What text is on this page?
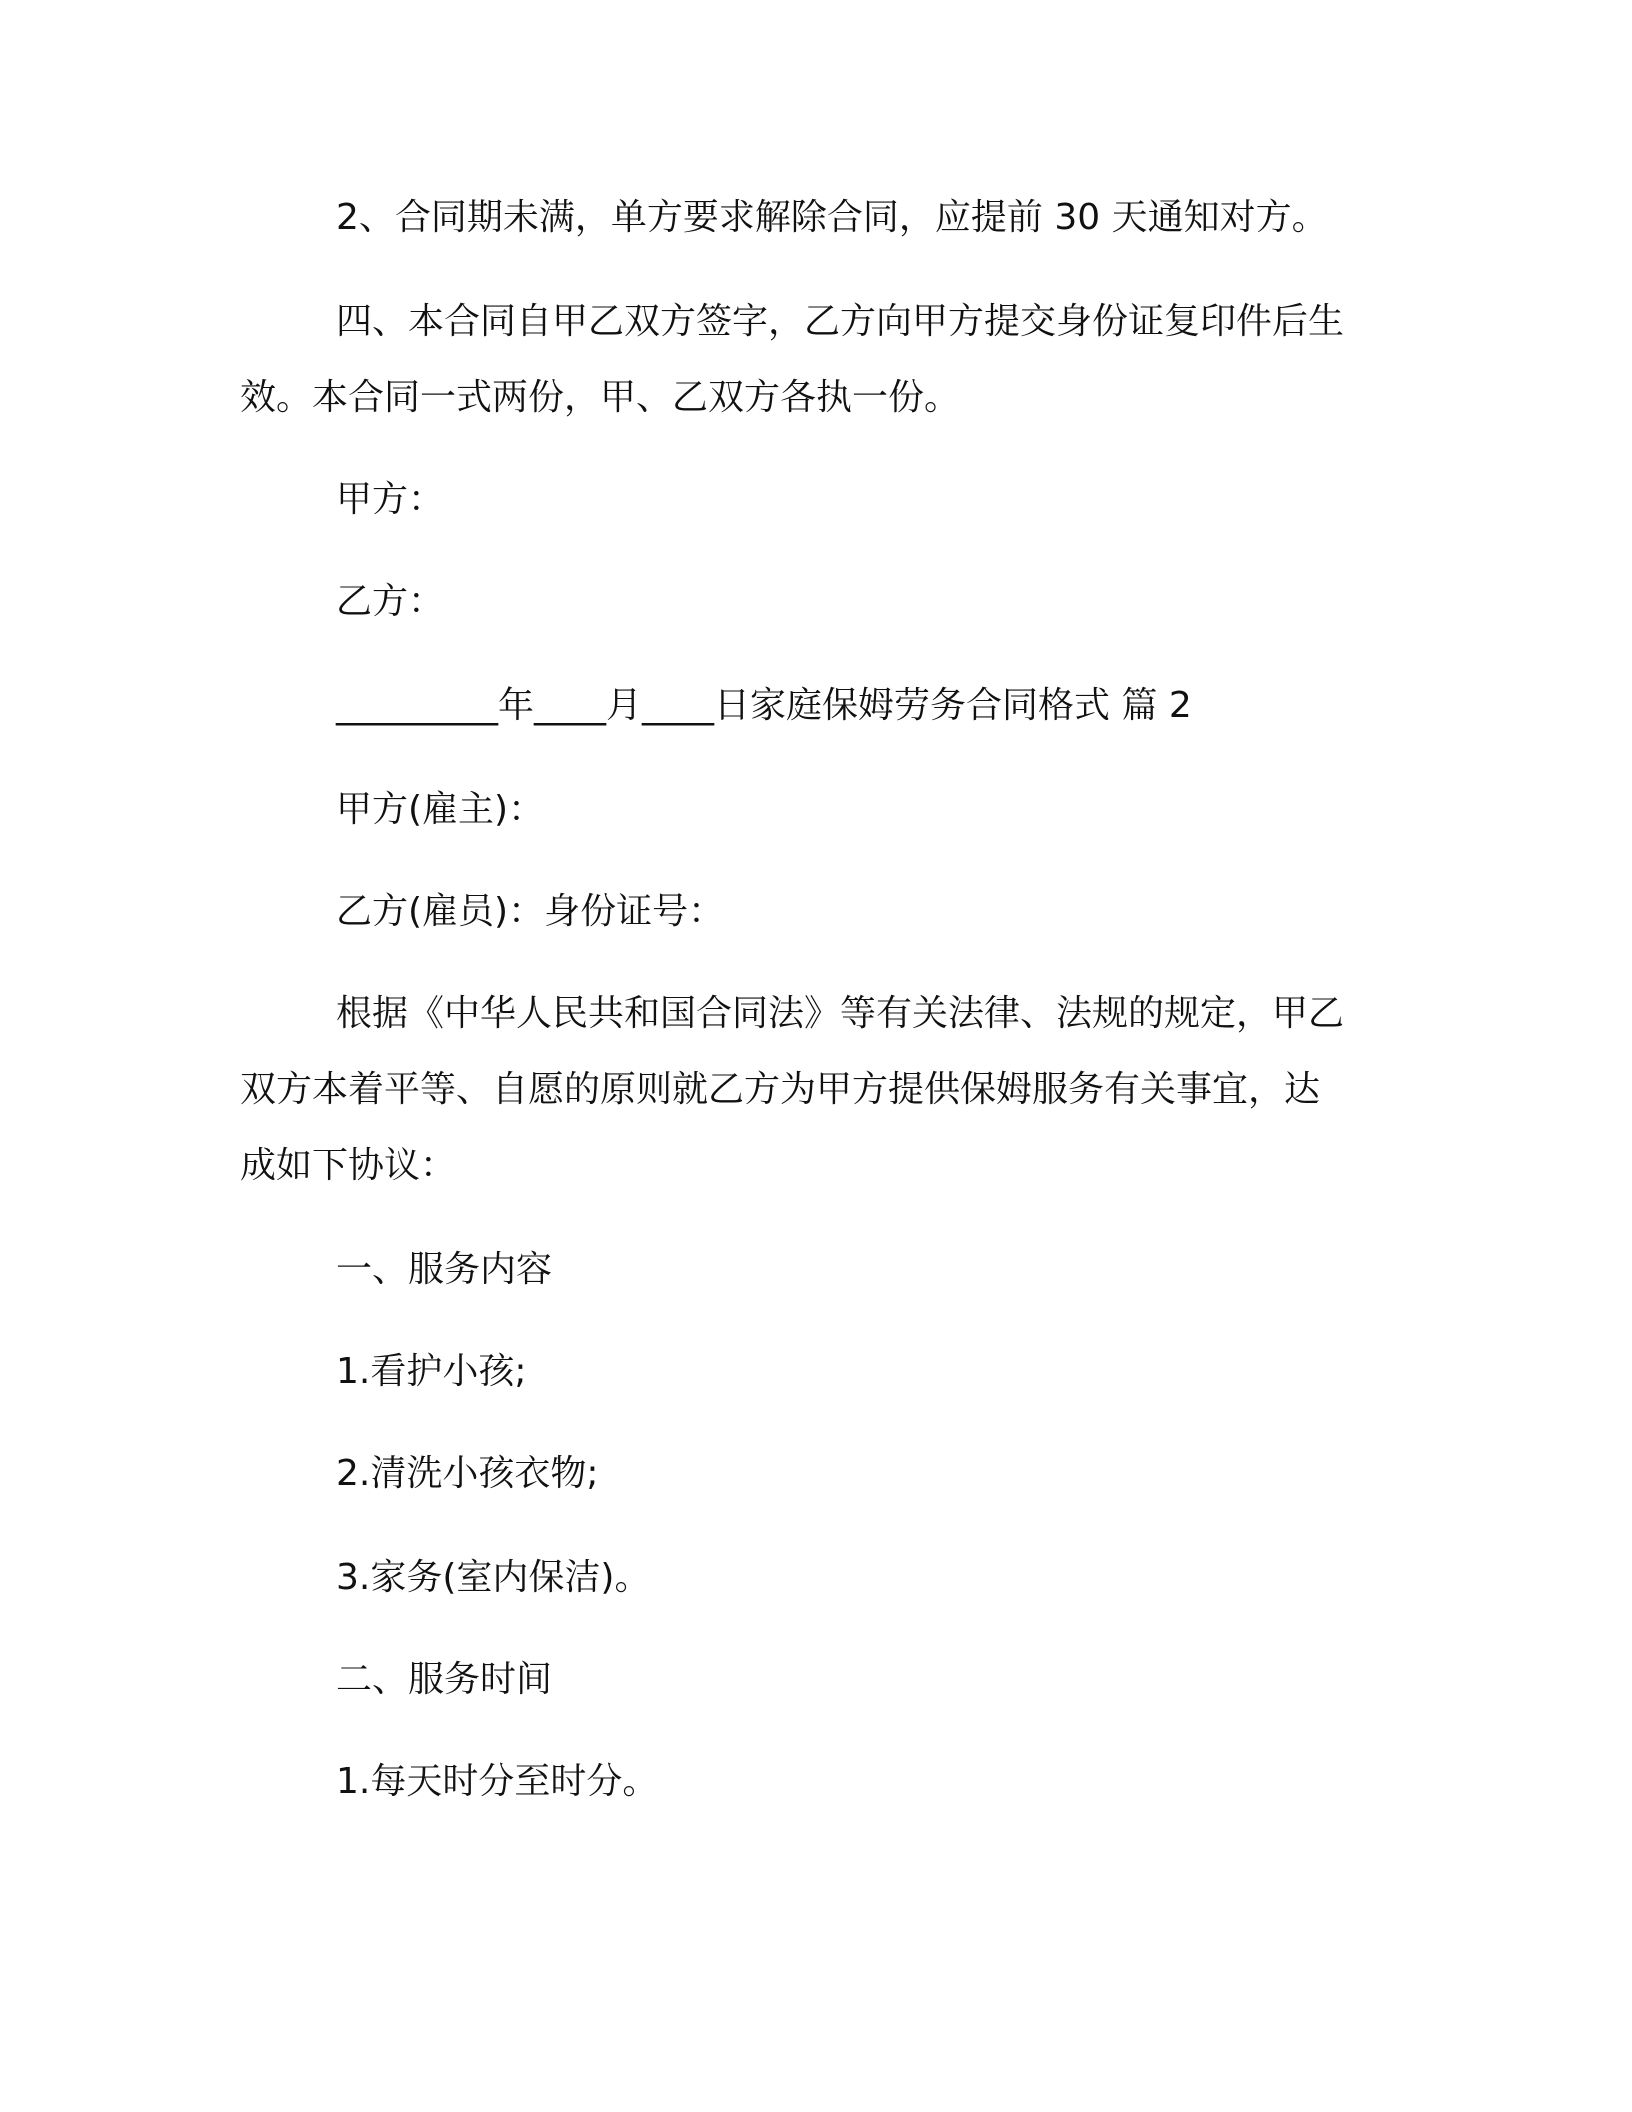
2、合同期未满，单方要求解除合同，应提前 30 天通知对方。

四、本合同自甲乙双方签字，乙方向甲方提交身份证复印件后生

效。本合同一式两份，甲、乙双方各执一份。

甲方：

乙方：

_________年____月____日家庭保姆劳务合同格式 篇 2

甲方(雇主)：

乙方(雇员)：身份证号：

根据《中华人民共和国合同法》等有关法律、法规的规定，甲乙

双方本着平等、自愿的原则就乙方为甲方提供保姆服务有关事宜，达

成如下协议：

一、服务内容

1.看护小孩;

2.清洗小孩衣物;

3.家务(室内保洁)。

二、服务时间

1.每天时分至时分。
